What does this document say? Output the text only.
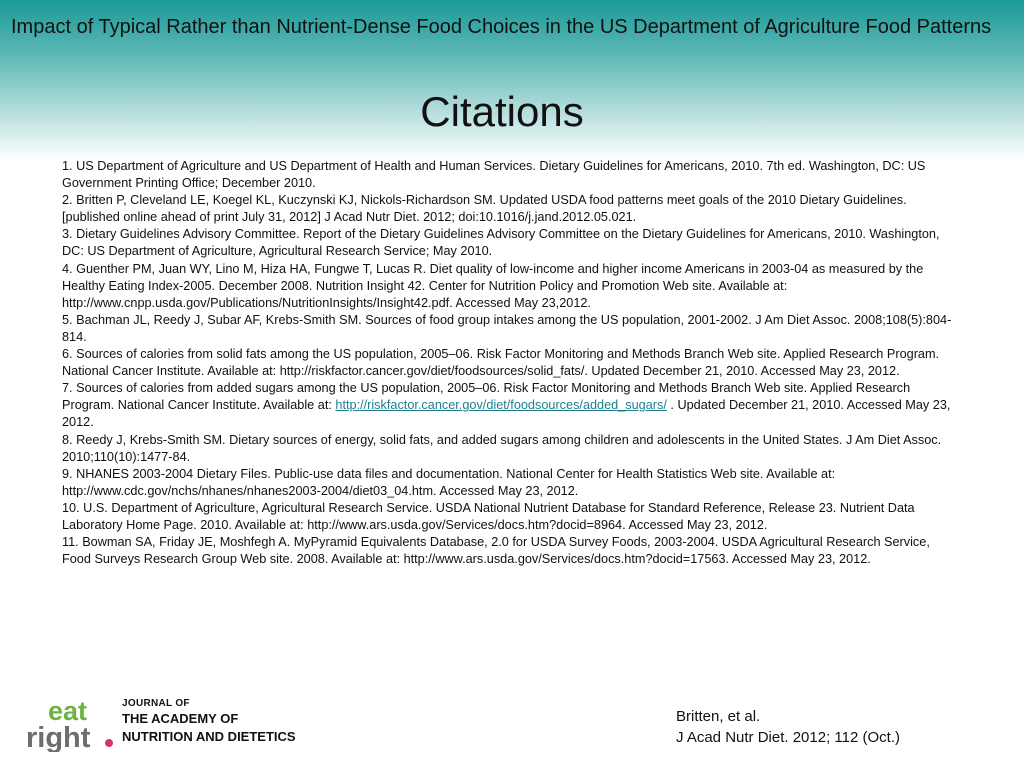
Impact of Typical Rather than Nutrient-Dense Food Choices in the US Department of Agriculture Food Patterns
Citations

1. US Department of Agriculture and US Department of Health and Human Services. Dietary Guidelines for Americans, 2010. 7th ed. Washington, DC: US Government Printing Office; December 2010.

2. Britten P, Cleveland LE, Koegel KL, Kuczynski KJ, Nickols-Richardson SM. Updated USDA food patterns meet goals of the 2010 Dietary Guidelines. [published online ahead of print July 31, 2012] J Acad Nutr Diet. 2012; doi:10.1016/j.jand.2012.05.021.

3. Dietary Guidelines Advisory Committee. Report of the Dietary Guidelines Advisory Committee on the Dietary Guidelines for Americans, 2010. Washington, DC: US Department of Agriculture, Agricultural Research Service; May 2010.

4. Guenther PM, Juan WY, Lino M, Hiza HA, Fungwe T, Lucas R. Diet quality of low-income and higher income Americans in 2003-04 as measured by the Healthy Eating Index-2005. December 2008. Nutrition Insight 42. Center for Nutrition Policy and Promotion Web site. Available at: http://www.cnpp.usda.gov/Publications/NutritionInsights/Insight42.pdf. Accessed May 23,2012.

5. Bachman JL, Reedy J, Subar AF, Krebs-Smith SM. Sources of food group intakes among the US population, 2001-2002. J Am Diet Assoc. 2008;108(5):804-814.

6. Sources of calories from solid fats among the US population, 2005–06. Risk Factor Monitoring and Methods Branch Web site. Applied Research Program. National Cancer Institute. Available at: http://riskfactor.cancer.gov/diet/foodsources/solid_fats/. Updated December 21, 2010. Accessed May 23, 2012.

7. Sources of calories from added sugars among the US population, 2005–06. Risk Factor Monitoring and Methods Branch Web site. Applied Research Program. National Cancer Institute. Available at: http://riskfactor.cancer.gov/diet/foodsources/added_sugars/ . Updated December 21, 2010. Accessed May 23, 2012.

8. Reedy J, Krebs-Smith SM. Dietary sources of energy, solid fats, and added sugars among children and adolescents in the United States. J Am Diet Assoc. 2010;110(10):1477-84.

9. NHANES 2003-2004 Dietary Files. Public-use data files and documentation. National Center for Health Statistics Web site. Available at: http://www.cdc.gov/nchs/nhanes/nhanes2003-2004/diet03_04.htm. Accessed May 23, 2012.

10. U.S. Department of Agriculture, Agricultural Research Service. USDA National Nutrient Database for Standard Reference, Release 23. Nutrient Data Laboratory Home Page. 2010. Available at: http://www.ars.usda.gov/Services/docs.htm?docid=8964. Accessed May 23, 2012.

11. Bowman SA, Friday JE, Moshfegh A. MyPyramid Equivalents Database, 2.0 for USDA Survey Foods, 2003-2004. USDA Agricultural Research Service, Food Surveys Research Group Web site. 2008. Available at: http://www.ars.usda.gov/Services/docs.htm?docid=17563. Accessed May 23, 2012.

eat
right
JOURNAL OF
THE ACADEMY OF
NUTRITION AND DIETETICS
Britten, et al.
J Acad Nutr Diet. 2012; 112 (Oct.)
